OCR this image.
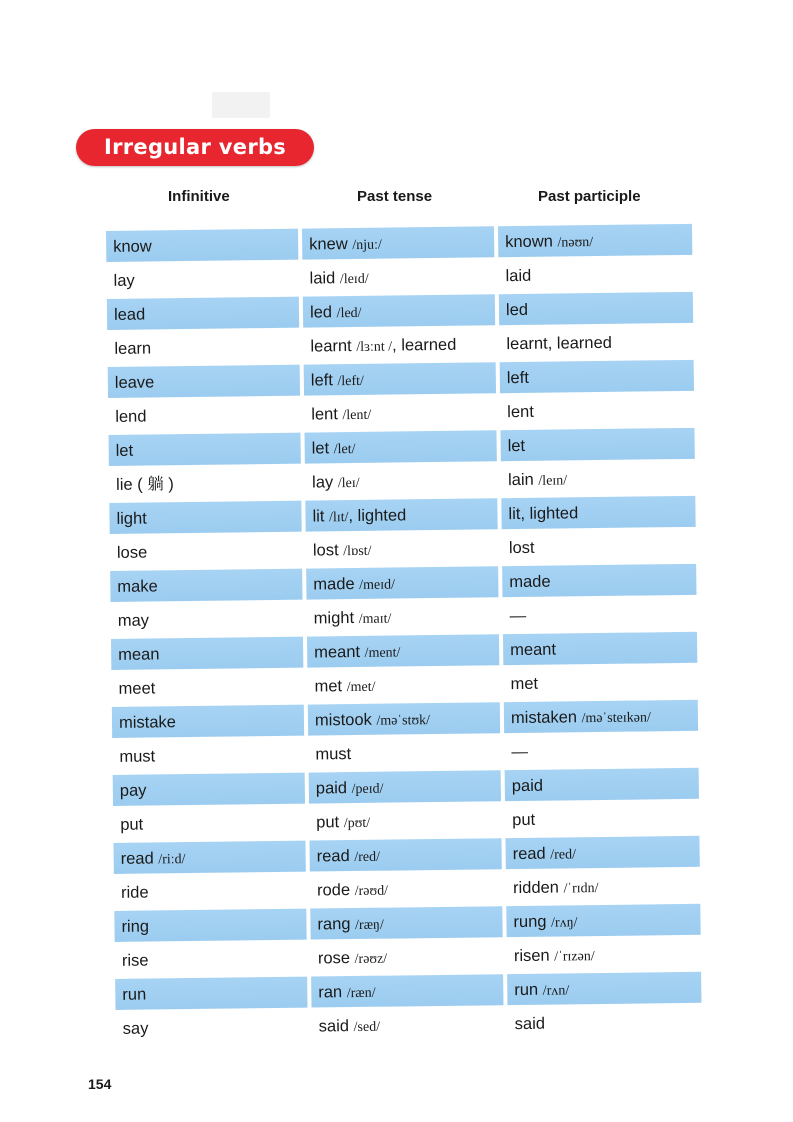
Irregular verbs
Infinitive	Past tense	Past participle
know	knew /njuː/	known /nəʊn/
lay	laid /leɪd/	laid
lead	led /led/	led
learn	learnt /lɜːnt /, learned	learnt, learned
leave	left /left/	left
lend	lent /lent/	lent
let	let /let/	let
lie ( 躺 )	lay /leɪ/	lain /leɪn/
light	lit /lɪt/, lighted	lit, lighted
lose	lost /lɒst/	lost
make	made /meɪd/	made
may	might /maɪt/	—
mean	meant /ment/	meant
meet	met /met/	met
mistake	mistook /məˈstʊk/	mistaken /məˈsteɪkən/
must	must	—
pay	paid /peɪd/	paid
put	put /pʊt/	put
read /riːd/	read /red/	read /red/
ride	rode /rəʊd/	ridden /ˈrɪdn/
ring	rang /ræŋ/	rung /rʌŋ/
rise	rose /rəʊz/	risen /ˈrɪzən/
run	ran /ræn/	run /rʌn/
say	said /sed/	said
154
